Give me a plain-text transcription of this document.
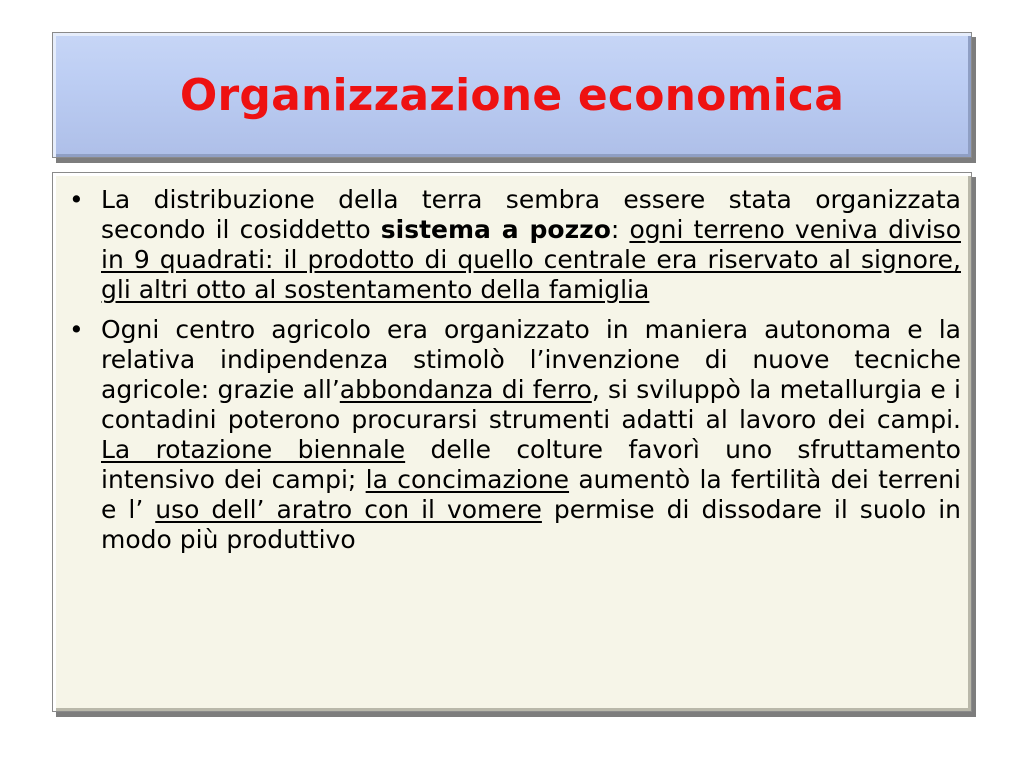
Organizzazione economica
• La distribuzione della terra sembra essere stata organizzata secondo il cosiddetto sistema a pozzo: ogni terreno veniva diviso in 9 quadrati: il prodotto di quello centrale era riservato al signore, gli altri otto al sostentamento della famiglia
• Ogni centro agricolo era organizzato in maniera autonoma e la relativa indipendenza stimolò l’invenzione di nuove tecniche agricole: grazie all’abbondanza di ferro, si sviluppò la metallurgia e i contadini poterono procurarsi strumenti adatti al lavoro dei campi. La rotazione biennale delle colture favorì uno sfruttamento intensivo dei campi; la concimazione aumentò la fertilità dei terreni e l’ uso dell’ aratro con il vomere permise di dissodare il suolo in modo più produttivo
